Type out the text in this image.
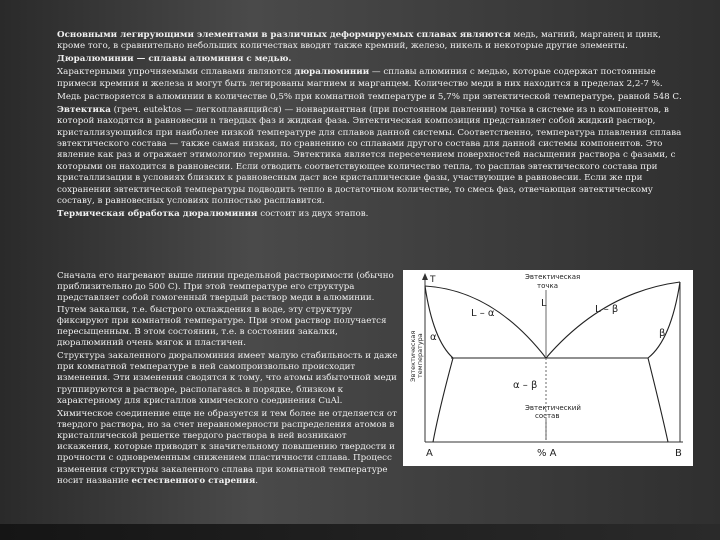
Основными легирующими элементами в различных деформируемых сплавах являются медь, магний, марганец и цинк, кроме того, в сравнительно небольших количествах вводят также кремний, железо, никель и некоторые другие элементы.

Дюралюминии — сплавы алюминия с медью.

Характерными упрочняемыми сплавами являются дюралюминии — сплавы алюминия с медью, которые содержат постоянные примеси кремния и железа и могут быть легированы магнием и марганцем. Количество меди в них находится в пределах 2,2-7 %.

Медь растворяется в алюминии в количестве 0,5% при комнатной температуре и 5,7% при эвтектической температуре, равной 548 С.

Эвтектика (греч. eutektos — легкоплавящийся) — нонвариантная (при постоянном давлении) точка в системе из n компонентов, в которой находятся в равновесии n твердых фаз и жидкая фаза. Эвтектическая композиция представляет собой жидкий раствор, кристаллизующийся при наиболее низкой температуре для сплавов данной системы. Соответственно, температура плавления сплава эвтектического состава — также самая низкая, по сравнению со сплавами другого состава для данной системы компонентов. Это явление как раз и отражает этимологию термина. Эвтектика является пересечением поверхностей насыщения раствора с фазами, с которыми он находится в равновесии. Если отводить соответствующее количество тепла, то расплав эвтектического состава при кристаллизации в условиях близких к равновесным даст все кристаллические фазы, участвующие в равновесии. Если же при сохранении эвтектической температуры подводить тепло в достаточном количестве, то смесь фаз, отвечающая эвтектическому составу, в равновесных условиях полностью расплавится.

Термическая обработка дюралюминия состоит из двух этапов.

Сначала его нагревают выше линии предельной растворимости (обычно приблизительно до 500 С). При этой температуре его структура представляет собой гомогенный твердый раствор меди в алюминии. Путем закалки, т.е. быстрого охлаждения в воде, эту структуру фиксируют при комнатной температуре. При этом раствор получается пересыщенным. В этом состоянии, т.е. в состоянии закалки, дюралюминий очень мягок и пластичен.

Структура закаленного дюралюминия имеет малую стабильность и даже при комнатной температуре в ней самопроизвольно происходит изменения. Эти изменения сводятся к тому, что атомы избыточной меди группируются в растворе, располагаясь в порядке, близком к характерному для кристаллов химического соединения CuAl.

Химическое соединение еще не образуется и тем более не отделяется от твердого раствора, но за счет неравномерности распределения атомов в кристаллической решетке твердого раствора в ней возникают искажения, которые приводят к значительному повышению твердости и прочности с одновременным снижением пластичности сплава. Процесс изменения структуры закаленного сплава при комнатной температуре носит название естественного старения.

T
Эвтектическая температура
Эвтектическая
точка
L
L – α	L – β
α	β
α – β
Эвтектический
состав
A	% A	B
